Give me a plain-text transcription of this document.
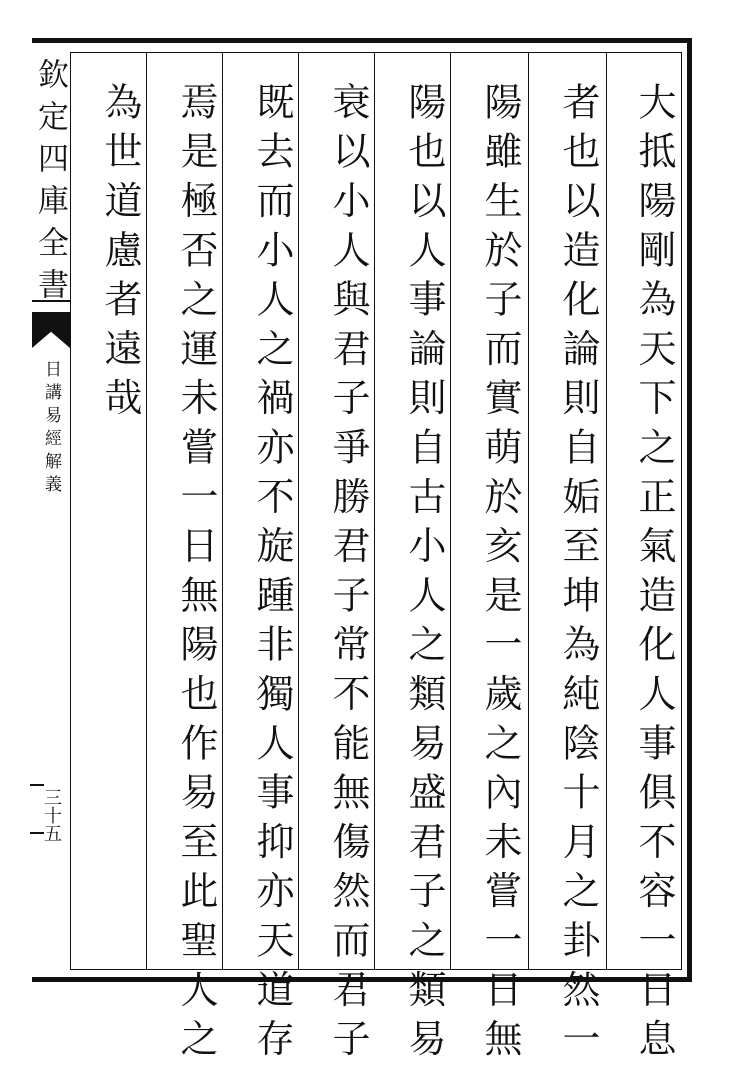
欽定四庫全書
日講易經解義
三十五	大抵陽剛為天下之正氣造化人事俱不容一日息
者也以造化論則自姤至坤為純陰十月之卦然一
陽雖生於子而實萌於亥是一歲之內未嘗一日無
陽也以人事論則自古小人之類易盛君子之類易
衰以小人與君子爭勝君子常不能無傷然而君子
既去而小人之禍亦不旋踵非獨人事抑亦天道存
焉是極否之運未嘗一日無陽也作易至此聖人之
為世道慮者遠哉
